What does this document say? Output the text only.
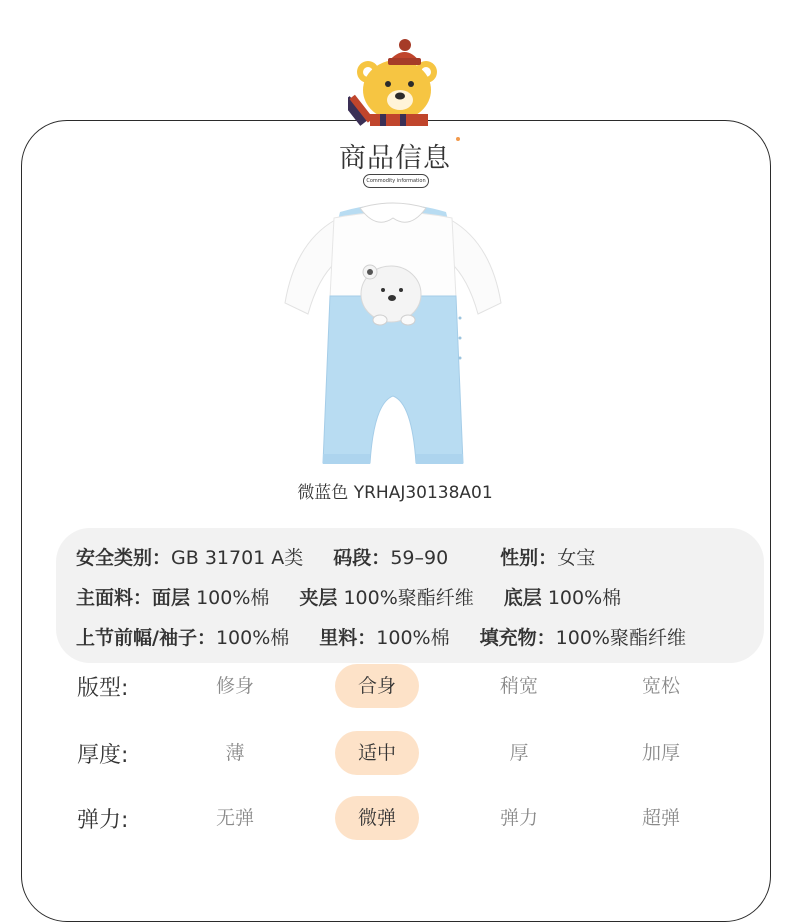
商品信息
Commodity information
微蓝色 YRHAJ30138A01
安全类别：GB 31701 A类 码段：59–90	性别：女宝
主面料：面层 100%棉 夹层 100%聚酯纤维 底层 100%棉
上节前幅/袖子：100%棉 里料：100%棉 填充物：100%聚酯纤维
版型:	修身	合身	稍宽	宽松
厚度:	薄	适中	厚	加厚
弹力:	无弹	微弹	弹力	超弹
